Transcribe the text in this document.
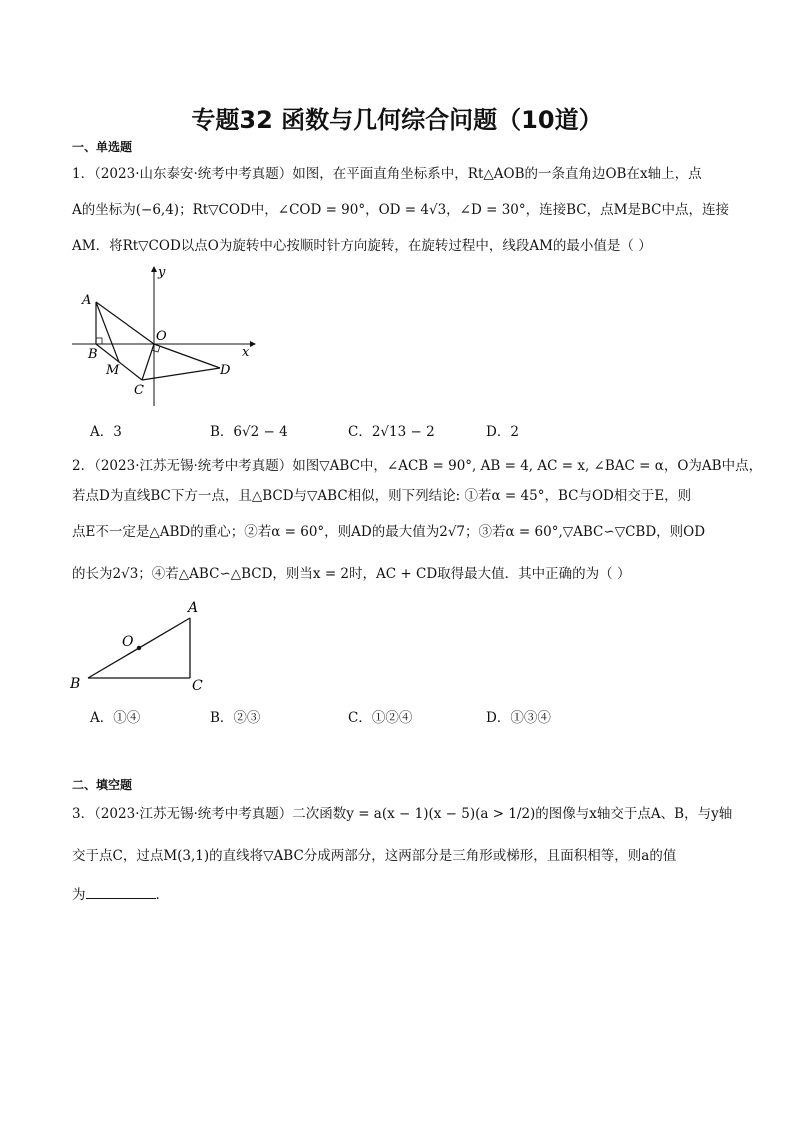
专题32 函数与几何综合问题（10道）
一、单选题
1．（2023·山东泰安·统考中考真题）如图，在平面直角坐标系中，Rt△AOB的一条直角边OB在x轴上，点
A的坐标为(−6,4)；Rt▽COD中，∠COD = 90°，OD = 4√3，∠D = 30°，连接BC，点M是BC中点，连接
AM．将Rt▽COD以点O为旋转中心按顺时针方向旋转，在旋转过程中，线段AM的最小值是（ ）
A
B
O
M
C
D
x
y
A．3	B．6√2 − 4	C．2√13 − 2	D．2
2．（2023·江苏无锡·统考中考真题）如图▽ABC中，∠ACB = 90°, AB = 4, AC = x, ∠BAC = α，O为AB中点，
若点D为直线BC下方一点，且△BCD与▽ABC相似，则下列结论: ①若α = 45°，BC与OD相交于E，则
点E不一定是△ABD的重心；②若α = 60°，则AD的最大值为2√7；③若α = 60°,▽ABC∽▽CBD，则OD
的长为2√3；④若△ABC∽△BCD，则当x = 2时，AC + CD取得最大值．其中正确的为（ ）
A
B	C
O
A．①④	B．②③	C．①②④	D．①③④
二、填空题
3．（2023·江苏无锡·统考中考真题）二次函数y = a(x − 1)(x − 5)(a > 1/2)的图像与x轴交于点A、B，与y轴
交于点C，过点M(3,1)的直线将▽ABC分成两部分，这两部分是三角形或梯形，且面积相等，则a的值
为	．
